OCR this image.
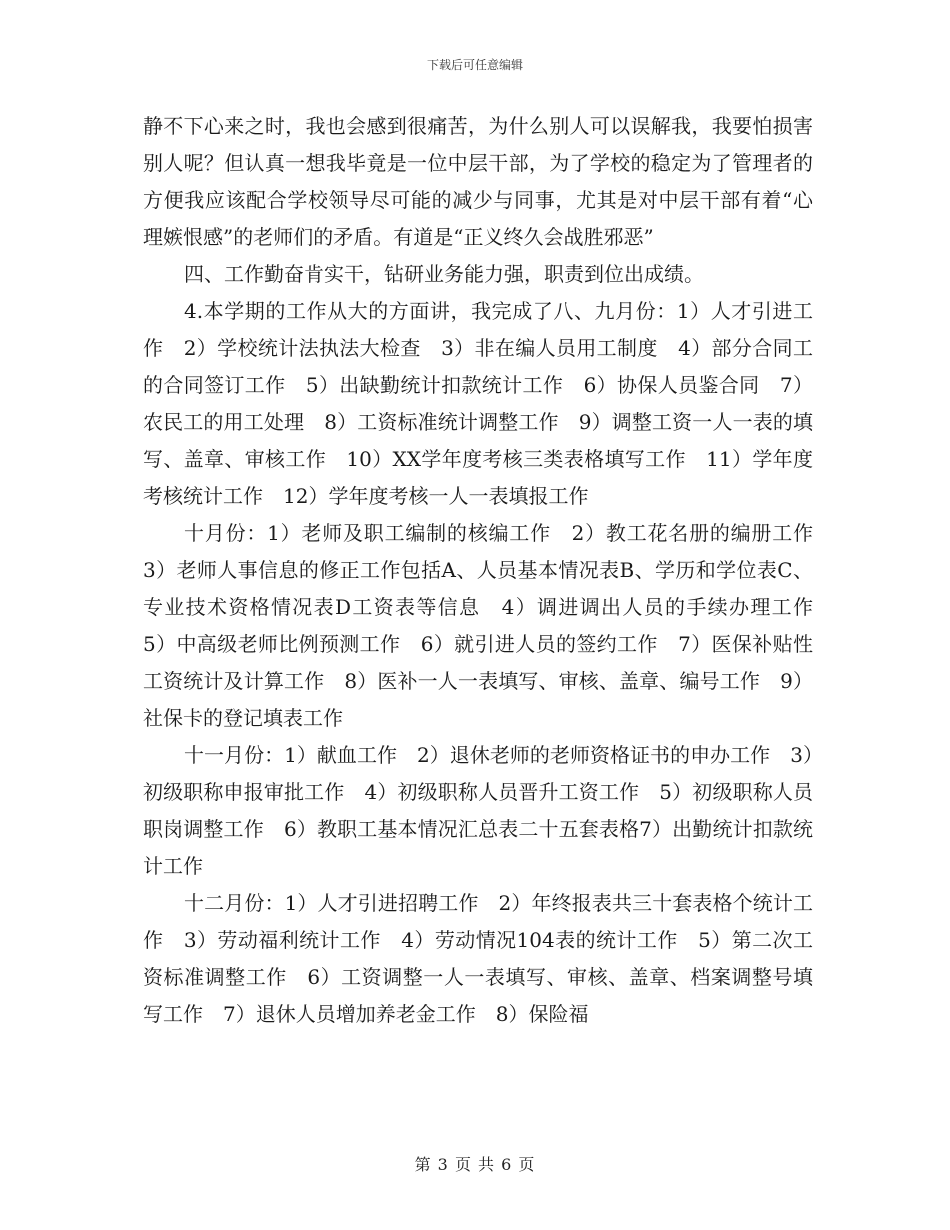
下载后可任意编辑

静不下心来之时，我也会感到很痛苦，为什么别人可以误解我，我要怕损害别人呢？但认真一想我毕竟是一位中层干部，为了学校的稳定为了管理者的方便我应该配合学校领导尽可能的减少与同事，尤其是对中层干部有着“心理嫉恨感”的老师们的矛盾。有道是“正义终久会战胜邪恶”

四、工作勤奋肯实干，钻研业务能力强，职责到位出成绩。

4.本学期的工作从大的方面讲，我完成了八、九月份：1）人才引进工作　2）学校统计法执法大检查　3）非在编人员用工制度　4）部分合同工的合同签订工作　5）出缺勤统计扣款统计工作　6）协保人员鉴合同　7）农民工的用工处理　8）工资标准统计调整工作　9）调整工资一人一表的填写、盖章、审核工作　10）XX学年度考核三类表格填写工作　11）学年度考核统计工作　12）学年度考核一人一表填报工作

十月份：1）老师及职工编制的核编工作　2）教工花名册的编册工作　3）老师人事信息的修正工作包括A、人员基本情况表B、学历和学位表C、专业技术资格情况表D工资表等信息　4）调进调出人员的手续办理工作　5）中高级老师比例预测工作　6）就引进人员的签约工作　7）医保补贴性工资统计及计算工作　8）医补一人一表填写、审核、盖章、编号工作　9）社保卡的登记填表工作

十一月份：1）献血工作　2）退休老师的老师资格证书的申办工作　3）初级职称申报审批工作　4）初级职称人员晋升工资工作　5）初级职称人员职岗调整工作　6）教职工基本情况汇总表二十五套表格7）出勤统计扣款统计工作

十二月份：1）人才引进招聘工作　2）年终报表共三十套表格个统计工作　3）劳动福利统计工作　4）劳动情况104表的统计工作　5）第二次工资标准调整工作　6）工资调整一人一表填写、审核、盖章、档案调整号填写工作　7）退休人员增加养老金工作　8）保险福

第 3 页 共 6 页
